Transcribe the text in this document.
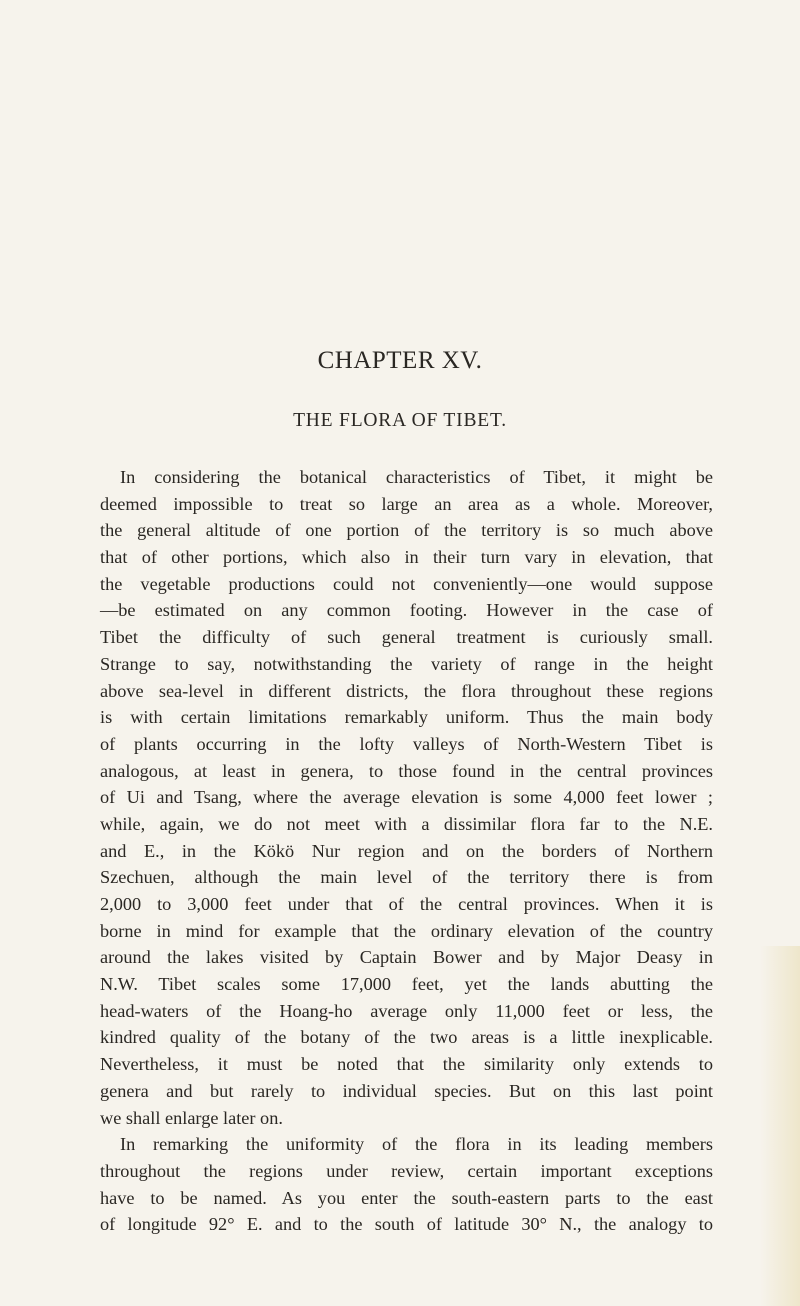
CHAPTER XV.
THE FLORA OF TIBET.
In considering the botanical characteristics of Tibet, it might be
deemed impossible to treat so large an area as a whole. Moreover,
the general altitude of one portion of the territory is so much above
that of other portions, which also in their turn vary in elevation, that
the vegetable productions could not conveniently—one would suppose
—be estimated on any common footing. However in the case of
Tibet the difficulty of such general treatment is curiously small.
Strange to say, notwithstanding the variety of range in the height
above sea-level in different districts, the flora throughout these regions
is with certain limitations remarkably uniform. Thus the main body
of plants occurring in the lofty valleys of North-Western Tibet is
analogous, at least in genera, to those found in the central provinces
of Ui and Tsang, where the average elevation is some 4,000 feet lower ;
while, again, we do not meet with a dissimilar flora far to the N.E.
and E., in the Kökö Nur region and on the borders of Northern
Szechuen, although the main level of the territory there is from
2,000 to 3,000 feet under that of the central provinces. When it is
borne in mind for example that the ordinary elevation of the country
around the lakes visited by Captain Bower and by Major Deasy in
N.W. Tibet scales some 17,000 feet, yet the lands abutting the
head-waters of the Hoang-ho average only 11,000 feet or less, the
kindred quality of the botany of the two areas is a little inexplicable.
Nevertheless, it must be noted that the similarity only extends to
genera and but rarely to individual species. But on this last point
we shall enlarge later on.
In remarking the uniformity of the flora in its leading members
throughout the regions under review, certain important exceptions
have to be named. As you enter the south-eastern parts to the east
of longitude 92° E. and to the south of latitude 30° N., the analogy to
